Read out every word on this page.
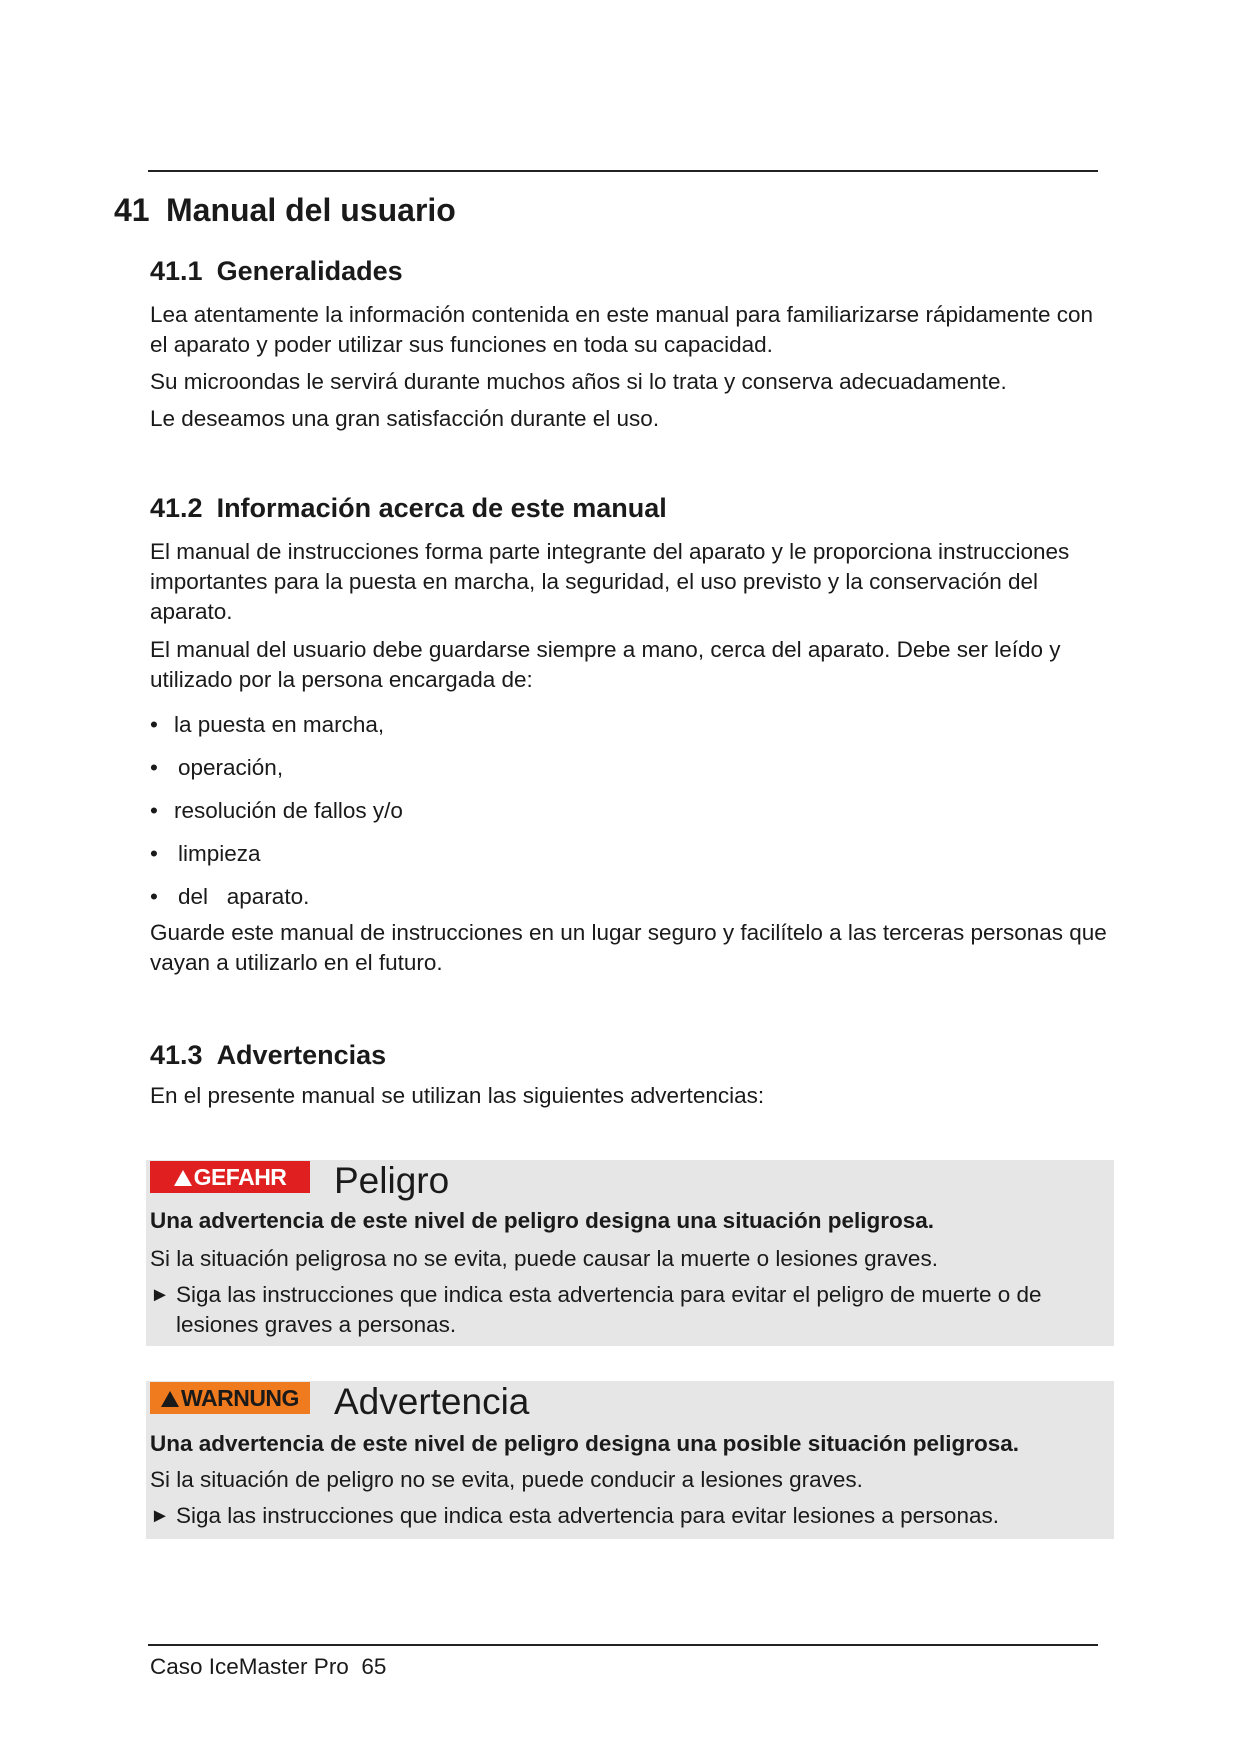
41 Manual del usuario
41.1 Generalidades

Lea atentamente la información contenida en este manual para familiarizarse rápidamente con el aparato y poder utilizar sus funciones en toda su capacidad.

Su microondas le servirá durante muchos años si lo trata y conserva adecuadamente.

Le deseamos una gran satisfacción durante el uso.

41.2 Información acerca de este manual

El manual de instrucciones forma parte integrante del aparato y le proporciona instrucciones importantes para la puesta en marcha, la seguridad, el uso previsto y la conservación del aparato.

El manual del usuario debe guardarse siempre a mano, cerca del aparato. Debe ser leído y utilizado por la persona encargada de:

• la puesta en marcha,
• operación,
• resolución de fallos y/o
• limpieza
• del   aparato.

Guarde este manual de instrucciones en un lugar seguro y facilítelo a las terceras personas que vayan a utilizarlo en el futuro.

41.3 Advertencias

En el presente manual se utilizan las siguientes advertencias:

GEFAHR	Peligro

Una advertencia de este nivel de peligro designa una situación peligrosa.

Si la situación peligrosa no se evita, puede causar la muerte o lesiones graves.

► Siga las instrucciones que indica esta advertencia para evitar el peligro de muerte o de lesiones graves a personas.
WARNUNG Advertencia

Una advertencia de este nivel de peligro designa una posible situación peligrosa.

Si la situación de peligro no se evita, puede conducir a lesiones graves.

► Siga las instrucciones que indica esta advertencia para evitar lesiones a personas.

Caso IceMaster Pro 65
